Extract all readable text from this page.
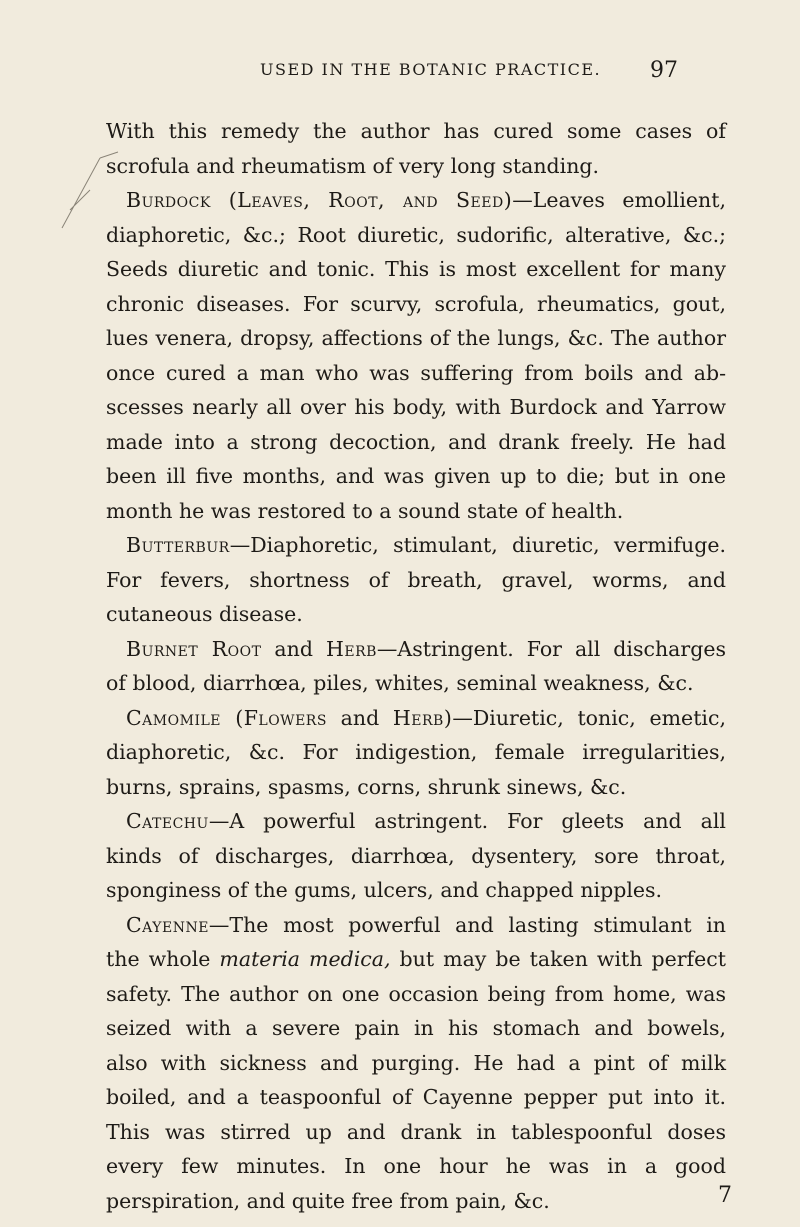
USED IN THE BOTANIC PRACTICE. 97
With this remedy the author has cured some cases of
scrofula and rheumatism of very long standing.
Burdock (Leaves, Root, and Seed)—Leaves emollient,
diaphoretic, &c.; Root diuretic, sudorific, alterative, &c.;
Seeds diuretic and tonic. This is most excellent for many
chronic diseases. For scurvy, scrofula, rheumatics, gout,
lues venera, dropsy, affections of the lungs, &c. The author
once cured a man who was suffering from boils and ab-
scesses nearly all over his body, with Burdock and Yarrow
made into a strong decoction, and drank freely. He had
been ill five months, and was given up to die; but in one
month he was restored to a sound state of health.
Butterbur—Diaphoretic, stimulant, diuretic, vermifuge.
For fevers, shortness of breath, gravel, worms, and
cutaneous disease.
Burnet Root and Herb—Astringent. For all discharges
of blood, diarrhœa, piles, whites, seminal weakness, &c.
Camomile (Flowers and Herb)—Diuretic, tonic, emetic,
diaphoretic, &c. For indigestion, female irregularities,
burns, sprains, spasms, corns, shrunk sinews, &c.
Catechu—A powerful astringent. For gleets and all
kinds of discharges, diarrhœa, dysentery, sore throat,
sponginess of the gums, ulcers, and chapped nipples.
Cayenne—The most powerful and lasting stimulant in
the whole materia medica, but may be taken with perfect
safety. The author on one occasion being from home, was
seized with a severe pain in his stomach and bowels,
also with sickness and purging. He had a pint of milk
boiled, and a teaspoonful of Cayenne pepper put into it.
This was stirred up and drank in tablespoonful doses
every few minutes. In one hour he was in a good
perspiration, and quite free from pain, &c.	7
